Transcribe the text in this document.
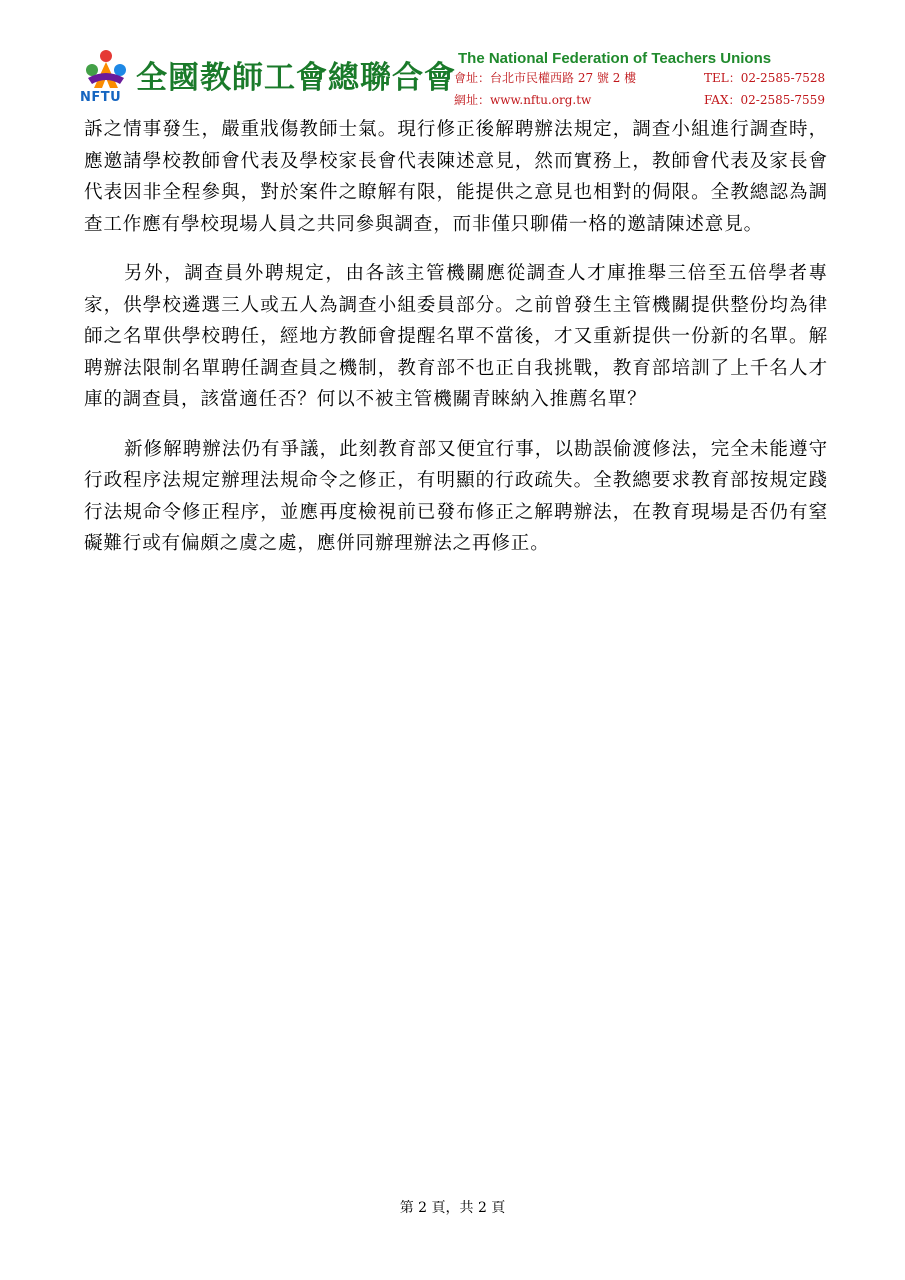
NFTU
全國教師工會總聯合會
The National Federation of Teachers Unions
會址：台北市民權西路 27 號 2 樓	TEL：02-2585-7528
網址：www.nftu.org.tw	FAX：02-2585-7559

訴之情事發生，嚴重戕傷教師士氣。現行修正後解聘辦法規定，調查小組進行調查時，應邀請學校教師會代表及學校家長會代表陳述意見，然而實務上，教師會代表及家長會代表因非全程參與，對於案件之瞭解有限，能提供之意見也相對的侷限。全教總認為調查工作應有學校現場人員之共同參與調查，而非僅只聊備一格的邀請陳述意見。

另外，調查員外聘規定，由各該主管機關應從調查人才庫推舉三倍至五倍學者專家，供學校遴選三人或五人為調查小組委員部分。之前曾發生主管機關提供整份均為律師之名單供學校聘任，經地方教師會提醒名單不當後，才又重新提供一份新的名單。解聘辦法限制名單聘任調查員之機制，教育部不也正自我挑戰，教育部培訓了上千名人才庫的調查員，該當適任否？何以不被主管機關青睞納入推薦名單？

新修解聘辦法仍有爭議，此刻教育部又便宜行事，以勘誤偷渡修法，完全未能遵守行政程序法規定辦理法規命令之修正，有明顯的行政疏失。全教總要求教育部按規定踐行法規命令修正程序，並應再度檢視前已發布修正之解聘辦法，在教育現場是否仍有窒礙難行或有偏頗之虞之處，應併同辦理辦法之再修正。

第 2 頁，共 2 頁
